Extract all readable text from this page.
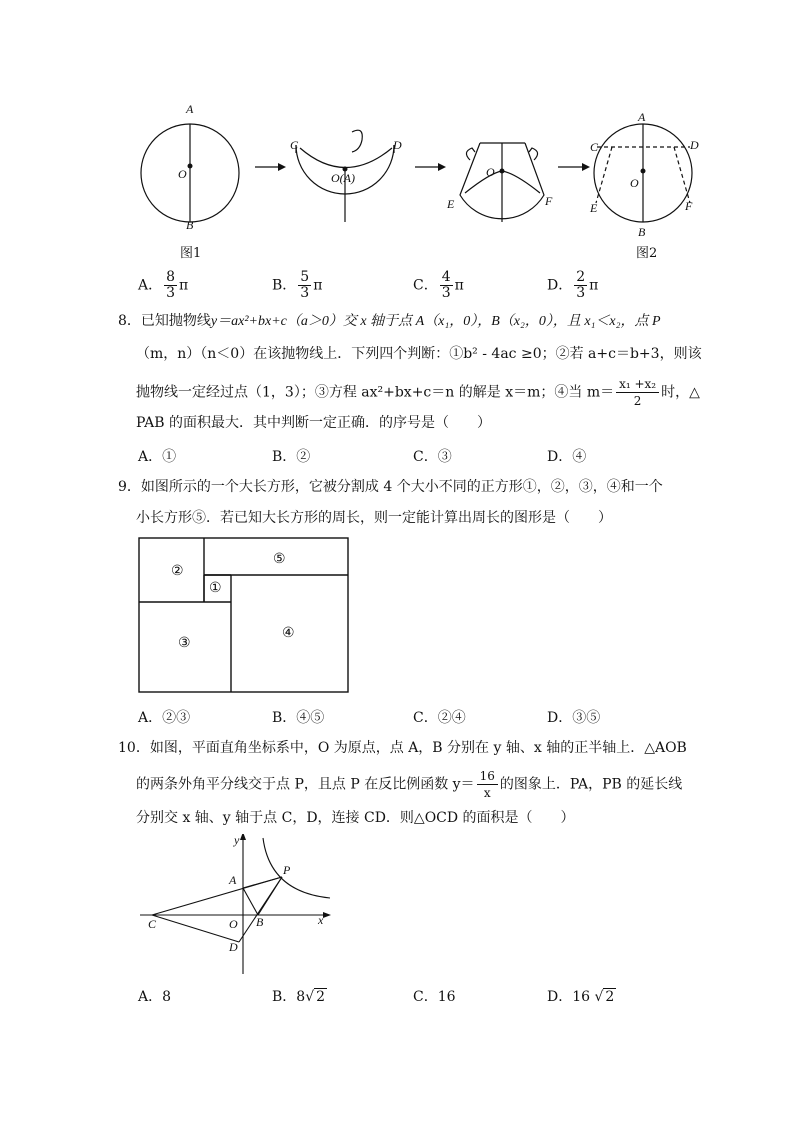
A
O
B
图1
C	D
O(A)	O
E	F
A
C	D
O
E	F
B
图2
A． $\frac{8}{3}$ π	B． $\frac{5}{3}$ π	C． $\frac{4}{3}$ π	D． $\frac{2}{3}$ π
8．已知抛物线y＝ax²+bx+c（a＞0）交 x 轴于点 A（x₁，0），B（x₂，0），且 x₁＜x₂，点 P
（m，n）（n＜0）在该抛物线上．下列四个判断：①b² - 4ac ≥0；②若 a+c＝b+3，则该
抛物线一定经过点（1，3）；③方程 ax²+bx+c＝n 的解是 x＝m；④当 $m= \frac{\text{x₁ +x₂}}{2}$ 时，△
PAB 的面积最大．其中判断一定正确．的序号是（　　）
A．①	B．②	C．③	D．④
9．如图所示的一个大长方形，它被分割成 4 个大小不同的正方形①，②，③，④和一个
小长方形⑤．若已知大长方形的周长，则一定能计算出周长的图形是（　　）
②
⑤
①
③
④
A．②③	B．④⑤	C．②④	D．③⑤
10．如图，平面直角坐标系中，O 为原点，点 A，B 分别在 y 轴、x 轴的正半轴上．△AOB
的两条外角平分线交于点 P，且点 P 在反比例函数 $y= \frac{16}{x}$ 的图象上．PA，PB 的延长线
分别交 x 轴、y 轴于点 C，D，连接 CD．则△OCD 的面积是（　　）
y
x
A
P
C	O B
D
A．8	B．8√ 2	C．16	D．16 √ 2
